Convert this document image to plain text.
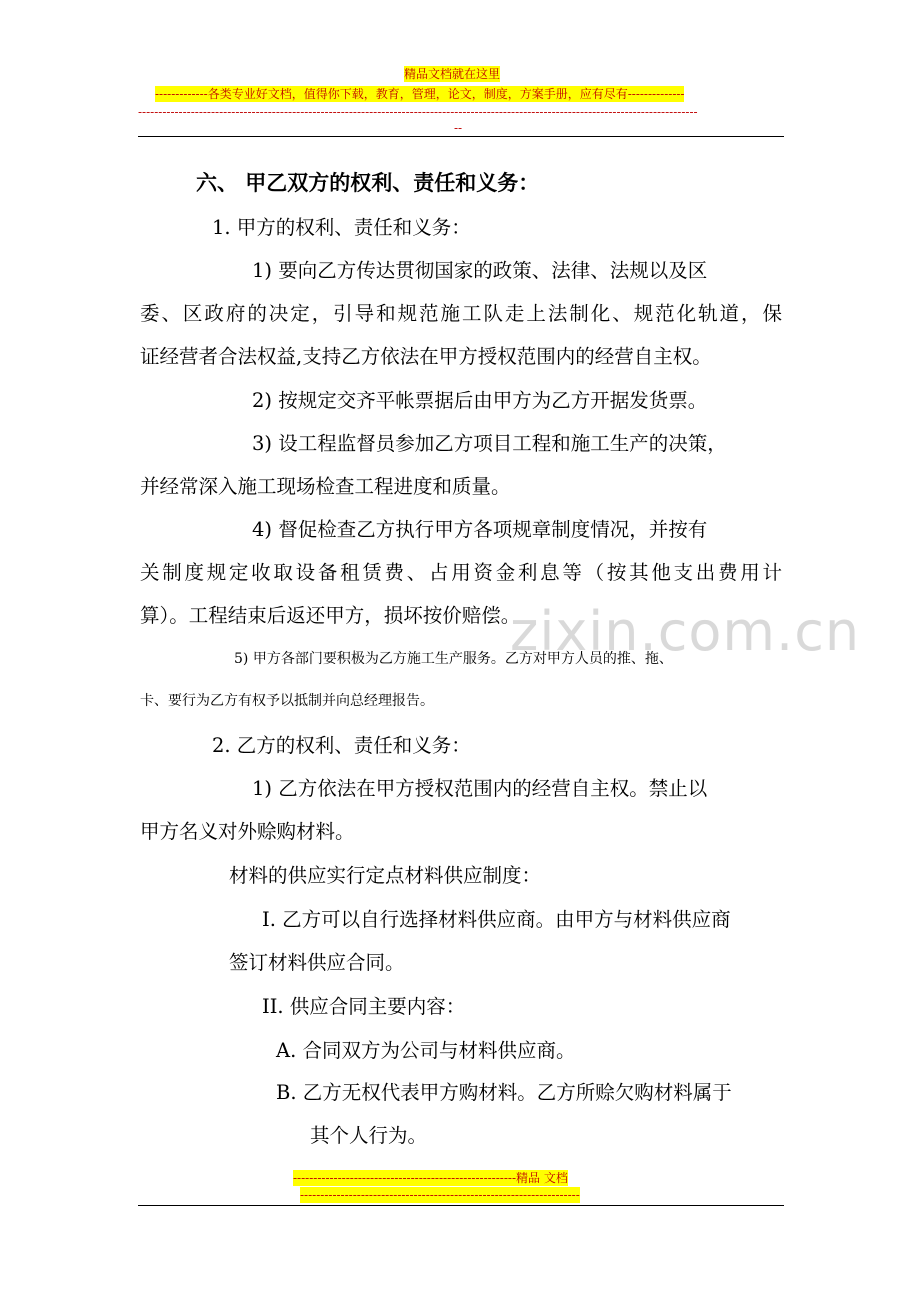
精品文档就在这里
-------------各类专业好文档，值得你下载，教育，管理，论文，制度，方案手册，应有尽有--------------
------------------------------------------------------------------------------------------------------------------------------------------
--
zixin.com.cn
六、 甲乙双方的权利、责任和义务：
1. 甲方的权利、责任和义务：
1) 要向乙方传达贯彻国家的政策、法律、法规以及区
委、区政府的决定，引导和规范施工队走上法制化、规范化轨道，保
证经营者合法权益,支持乙方依法在甲方授权范围内的经营自主权。
2) 按规定交齐平帐票据后由甲方为乙方开据发货票。
3) 设工程监督员参加乙方项目工程和施工生产的决策，
并经常深入施工现场检查工程进度和质量。
4) 督促检查乙方执行甲方各项规章制度情况，并按有
关制度规定收取设备租赁费、占用资金利息等（按其他支出费用计
算）。工程结束后返还甲方，损坏按价赔偿。
5) 甲方各部门要积极为乙方施工生产服务。乙方对甲方人员的推、拖、
卡、要行为乙方有权予以抵制并向总经理报告。
2. 乙方的权利、责任和义务：
1) 乙方依法在甲方授权范围内的经营自主权。禁止以
甲方名义对外赊购材料。
材料的供应实行定点材料供应制度：
I. 乙方可以自行选择材料供应商。由甲方与材料供应商
签订材料供应合同。
II. 供应合同主要内容：
A. 合同双方为公司与材料供应商。
B. 乙方无权代表甲方购材料。乙方所赊欠购材料属于
其个人行为。
-------------------------------------------------------精品 文档
---------------------------------------------------------------------
